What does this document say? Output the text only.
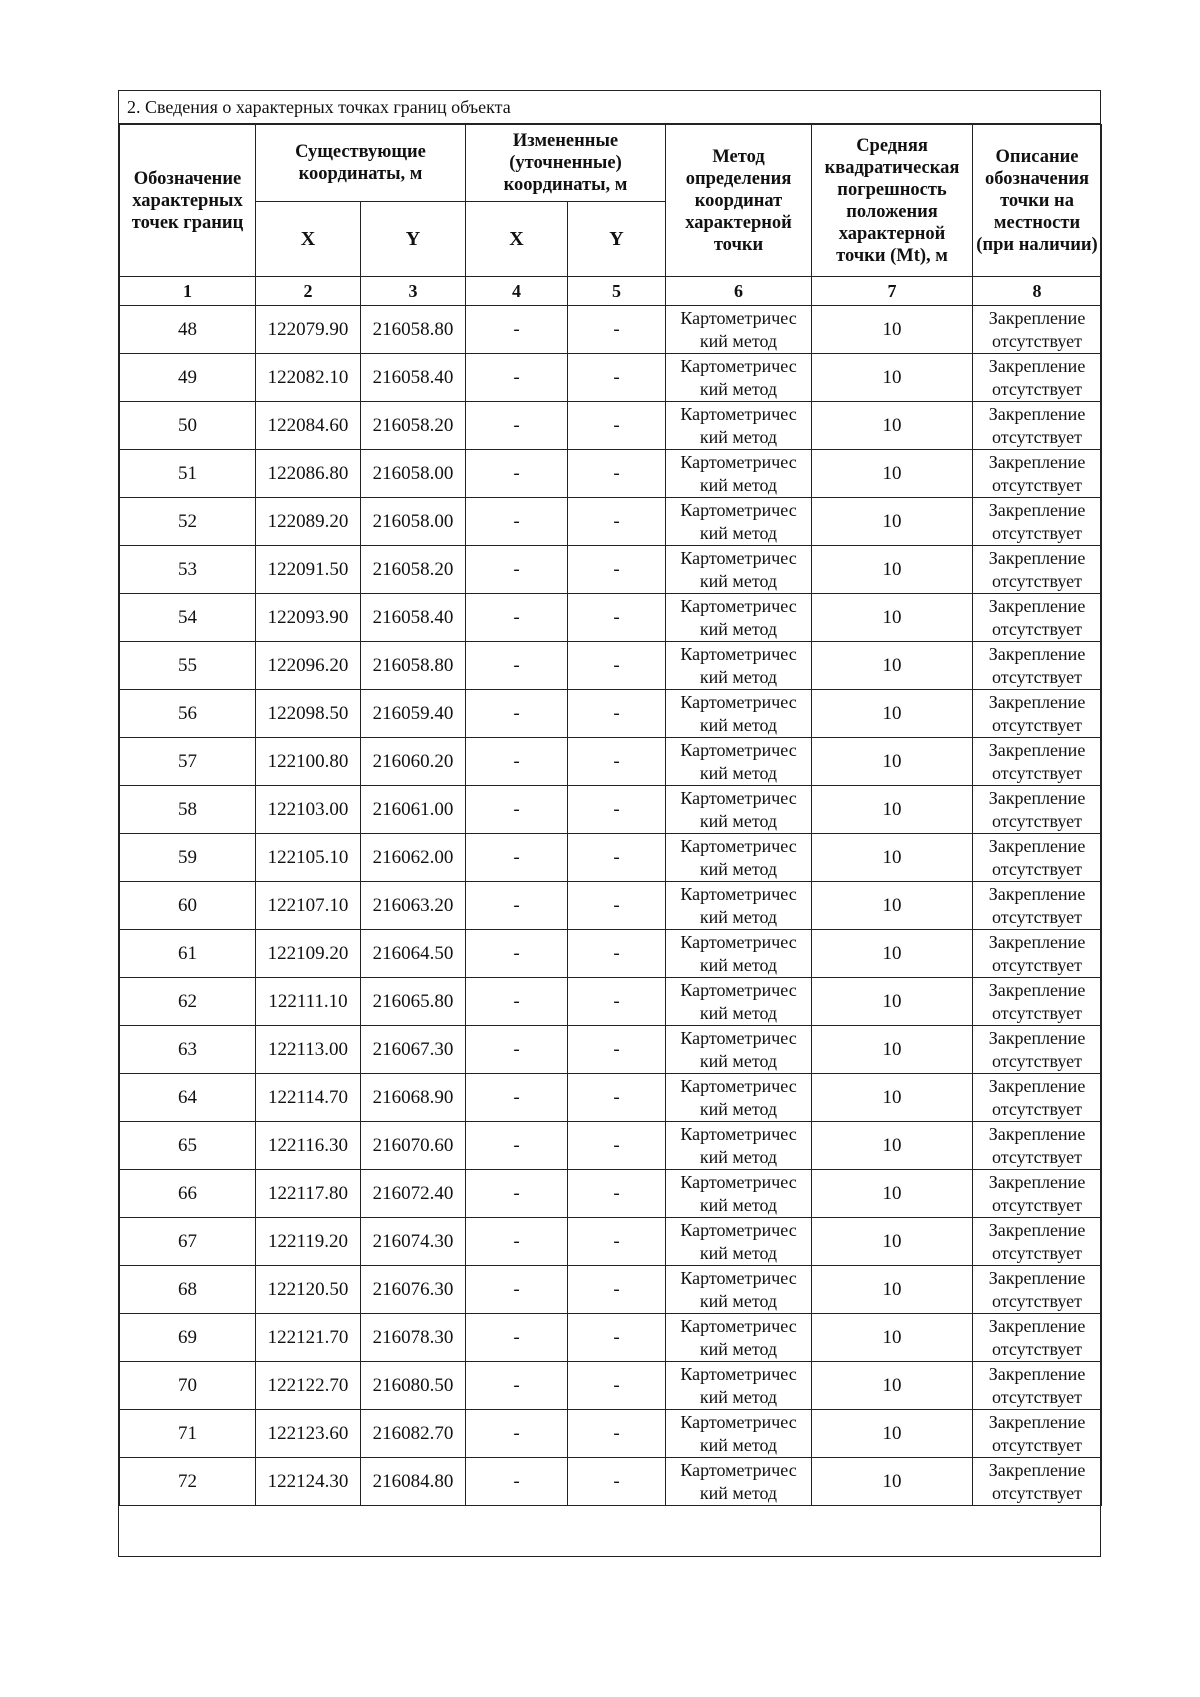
2. Сведения о характерных точках границ объекта
Обозначение характерных точек границ	Существующие координаты, м		Измененные (уточненные) координаты, м		Метод определения координат характерной точки	Средняя квадратическая погрешность положения характерной точки (Mt), м	Описание обозначения точки на местности (при наличии)
	X	Y	X	Y			
1	2	3	4	5	6	7	8
48	122079.90	216058.80	-	-	Картометричес кий метод	10	Закрепление отсутствует
49	122082.10	216058.40	-	-	Картометричес кий метод	10	Закрепление отсутствует
50	122084.60	216058.20	-	-	Картометричес кий метод	10	Закрепление отсутствует
51	122086.80	216058.00	-	-	Картометричес кий метод	10	Закрепление отсутствует
52	122089.20	216058.00	-	-	Картометричес кий метод	10	Закрепление отсутствует
53	122091.50	216058.20	-	-	Картометричес кий метод	10	Закрепление отсутствует
54	122093.90	216058.40	-	-	Картометричес кий метод	10	Закрепление отсутствует
55	122096.20	216058.80	-	-	Картометричес кий метод	10	Закрепление отсутствует
56	122098.50	216059.40	-	-	Картометричес кий метод	10	Закрепление отсутствует
57	122100.80	216060.20	-	-	Картометричес кий метод	10	Закрепление отсутствует
58	122103.00	216061.00	-	-	Картометричес кий метод	10	Закрепление отсутствует
59	122105.10	216062.00	-	-	Картометричес кий метод	10	Закрепление отсутствует
60	122107.10	216063.20	-	-	Картометричес кий метод	10	Закрепление отсутствует
61	122109.20	216064.50	-	-	Картометричес кий метод	10	Закрепление отсутствует
62	122111.10	216065.80	-	-	Картометричес кий метод	10	Закрепление отсутствует
63	122113.00	216067.30	-	-	Картометричес кий метод	10	Закрепление отсутствует
64	122114.70	216068.90	-	-	Картометричес кий метод	10	Закрепление отсутствует
65	122116.30	216070.60	-	-	Картометричес кий метод	10	Закрепление отсутствует
66	122117.80	216072.40	-	-	Картометричес кий метод	10	Закрепление отсутствует
67	122119.20	216074.30	-	-	Картометричес кий метод	10	Закрепление отсутствует
68	122120.50	216076.30	-	-	Картометричес кий метод	10	Закрепление отсутствует
69	122121.70	216078.30	-	-	Картометричес кий метод	10	Закрепление отсутствует
70	122122.70	216080.50	-	-	Картометричес кий метод	10	Закрепление отсутствует
71	122123.60	216082.70	-	-	Картометричес кий метод	10	Закрепление отсутствует
72	122124.30	216084.80	-	-	Картометричес кий метод	10	Закрепление отсутствует
